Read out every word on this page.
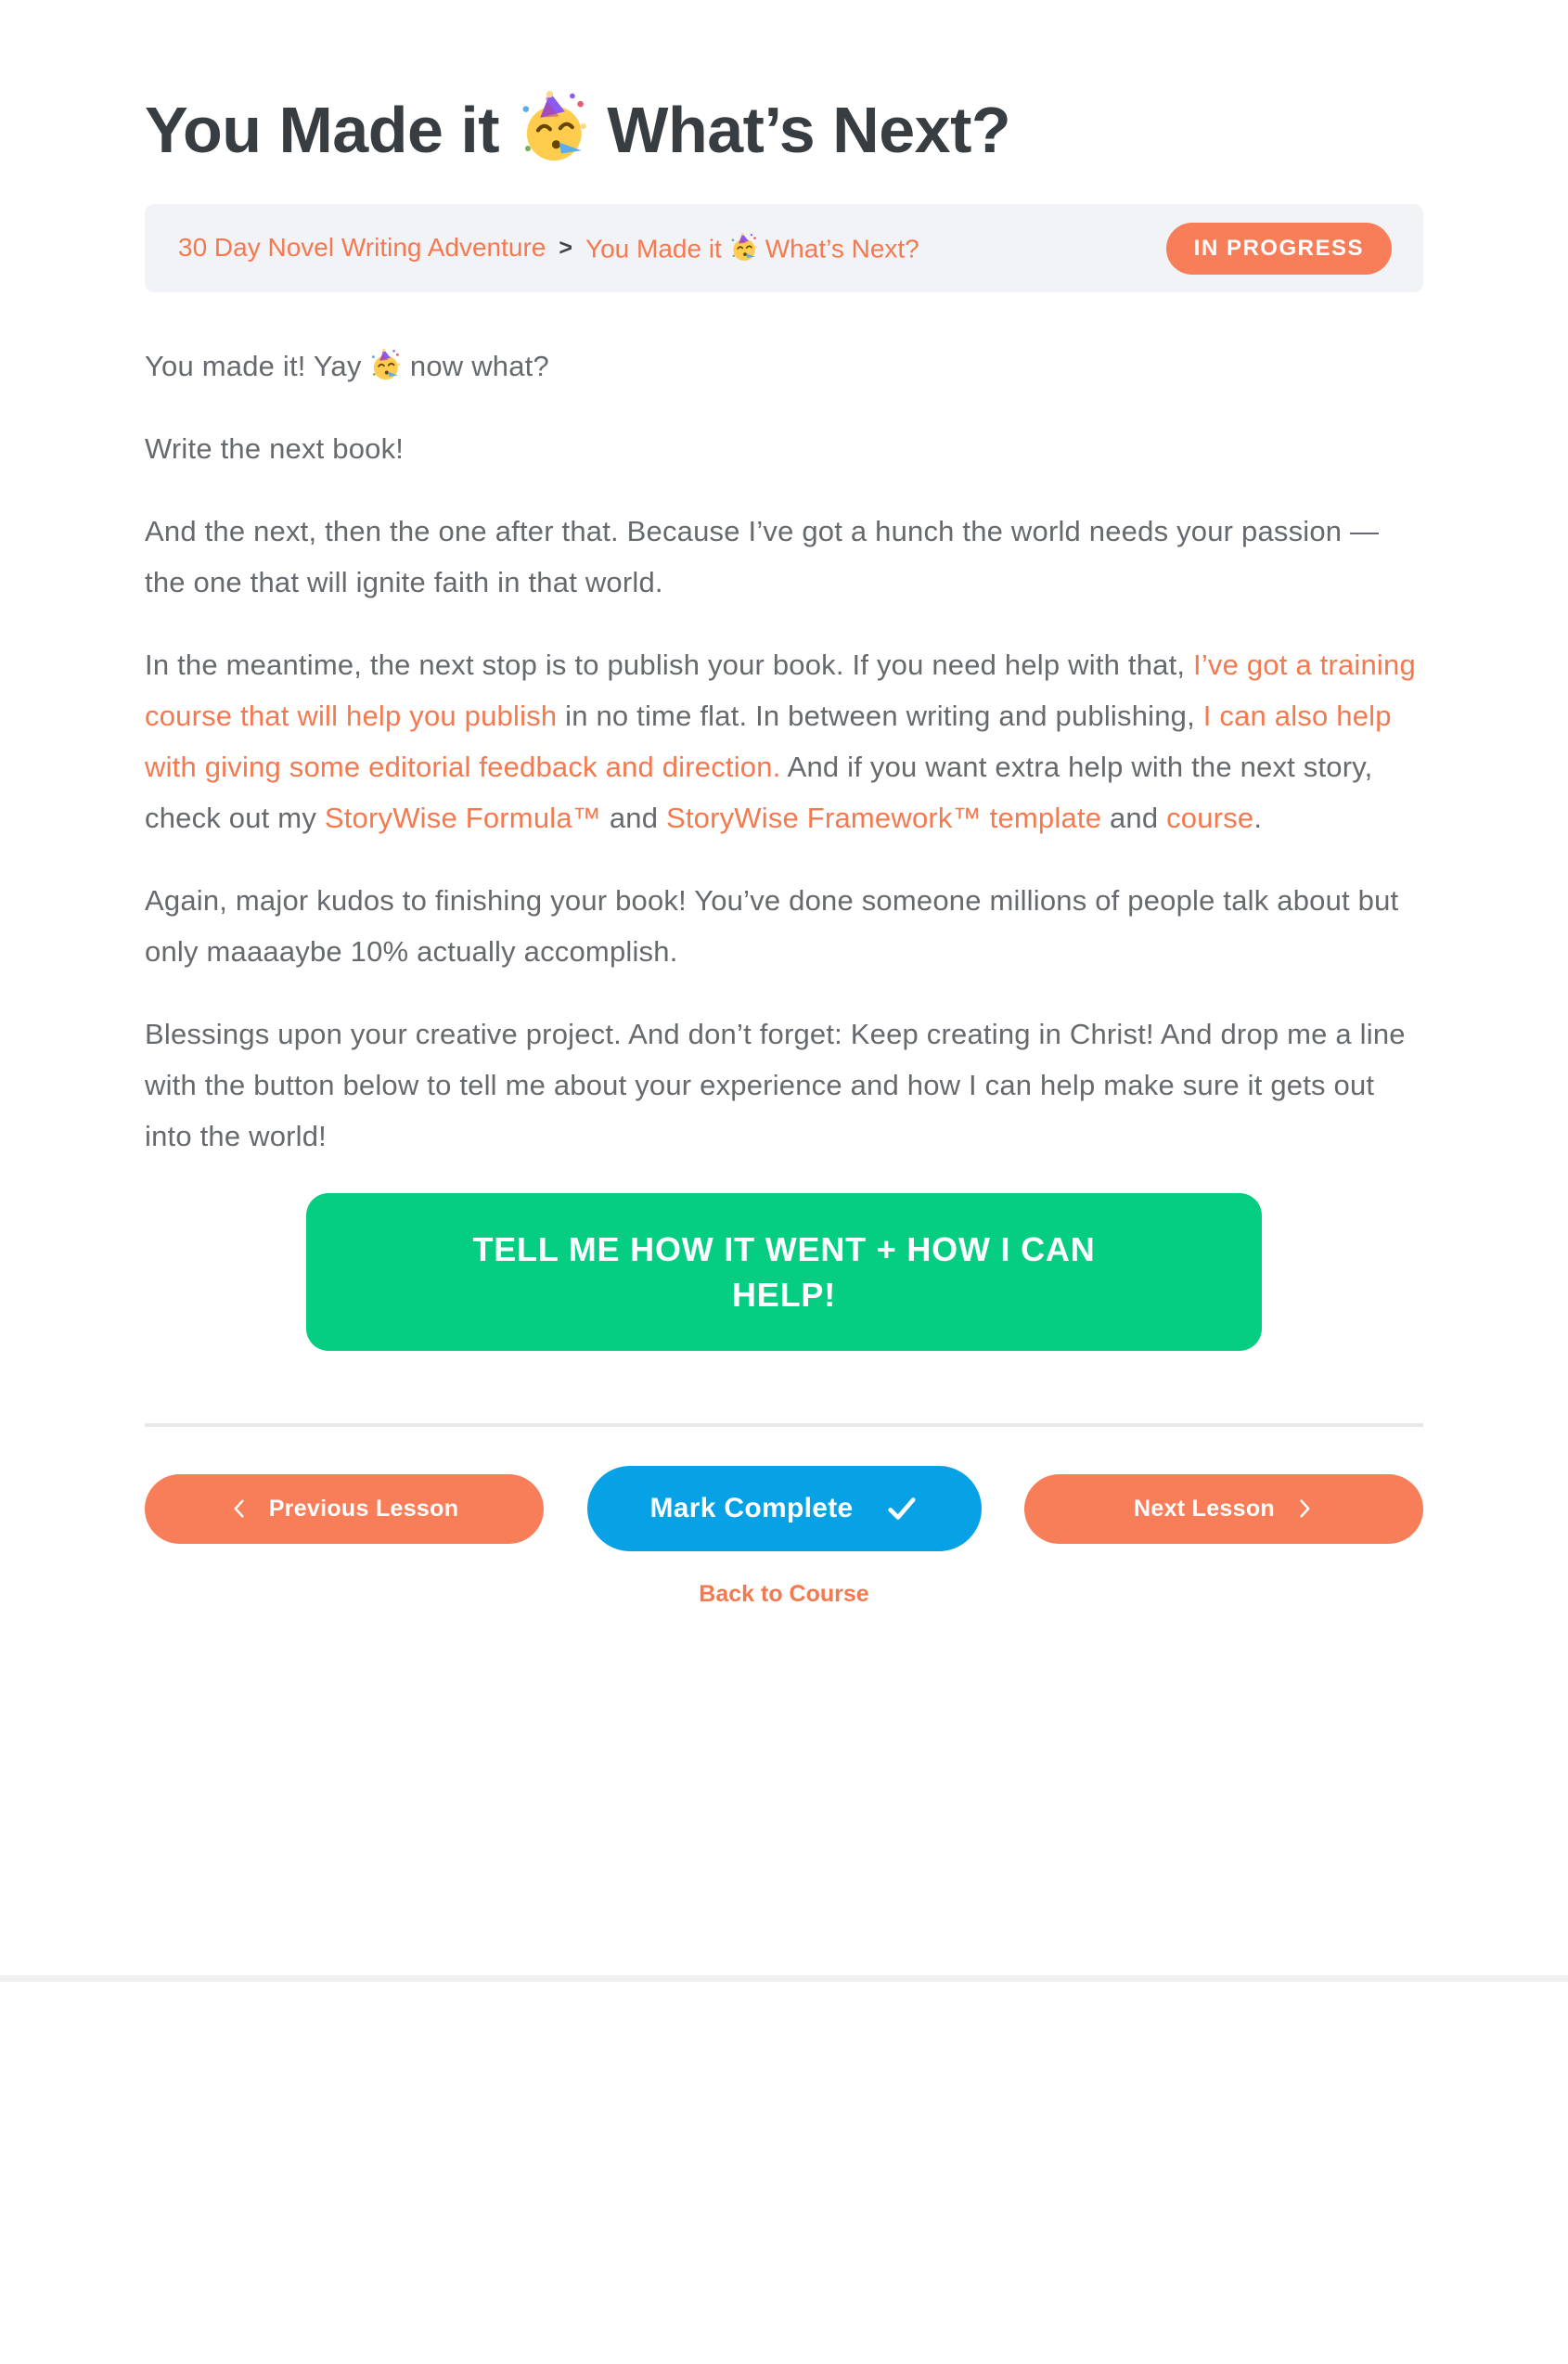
You Made it  What’s Next?
30 Day Novel Writing Adventure > You Made it  What’s Next?	IN PROGRESS

You made it! Yay  now what?

Write the next book!

And the next, then the one after that. Because I’ve got a hunch the world needs your passion — the one that will ignite faith in that world.

In the meantime, the next stop is to publish your book. If you need help with that, I’ve got a training course that will help you publish in no time flat. In between writing and publishing, I can also help with giving some editorial feedback and direction. And if you want extra help with the next story, check out my StoryWise Formula™ and StoryWise Framework™ template and course.

Again, major kudos to finishing your book! You’ve done someone millions of people talk about but only maaaaybe 10% actually accomplish.

Blessings upon your creative project. And don’t forget: Keep creating in Christ! And drop me a line with the button below to tell me about your experience and how I can help make sure it gets out into the world!

TELL ME HOW IT WENT + HOW I CAN HELP!
Previous Lesson	Mark Complete	Next Lesson
Back to Course
